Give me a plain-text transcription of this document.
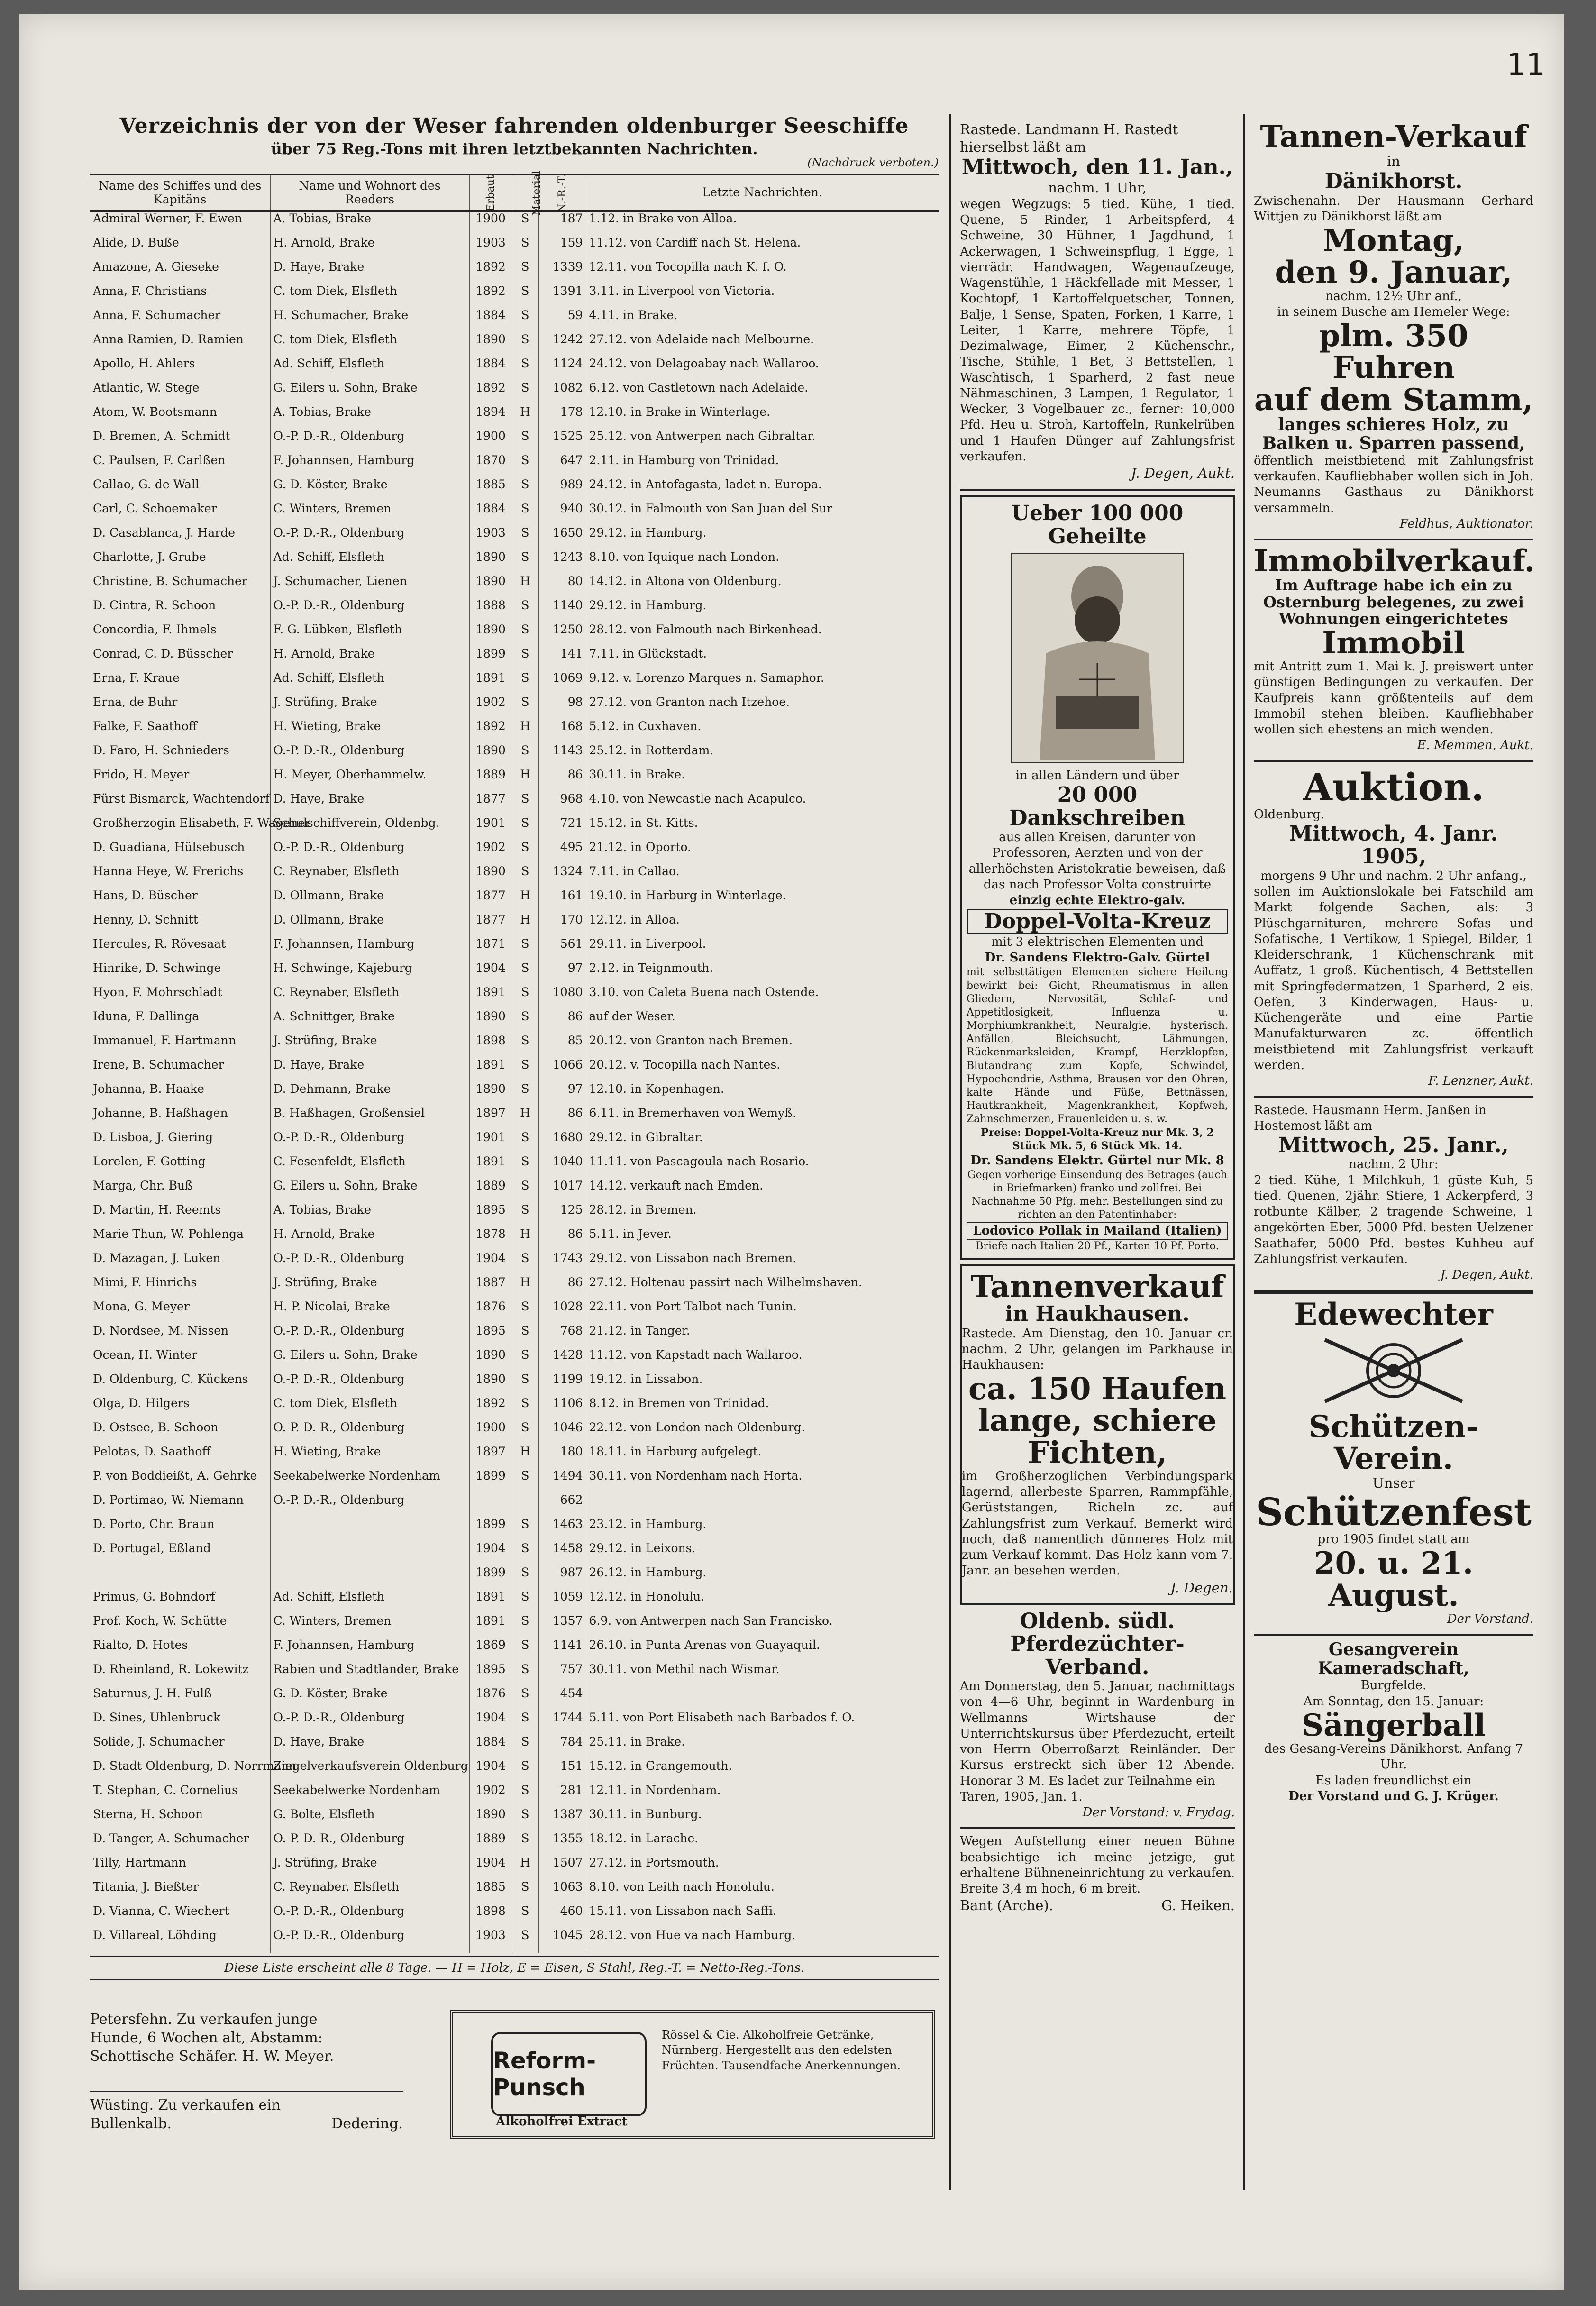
11
Verzeichnis der von der Weser fahrenden oldenburger Seeschiffe
über 75 Reg.-Tons mit ihren letztbekannten Nachrichten.
(Nachdruck verboten.)
Name des Schiffes und des Kapitäns	Name und Wohnort des Reeders	Erbaut	Material	N.-R.-T.	Letzte Nachrichten.
Admiral Werner, F. Ewen	A. Tobias, Brake	1900	S	187	1.12. in Brake von Alloa.
Alide, D. Buße	H. Arnold, Brake	1903	S	159	11.12. von Cardiff nach St. Helena.
Amazone, A. Gieseke	D. Haye, Brake	1892	S	1339	12.11. von Tocopilla nach K. f. O.
Anna, F. Christians	C. tom Diek, Elsfleth	1892	S	1391	3.11. in Liverpool von Victoria.
Anna, F. Schumacher	H. Schumacher, Brake	1884	S	59	4.11. in Brake.
Anna Ramien, D. Ramien	C. tom Diek, Elsfleth	1890	S	1242	27.12. von Adelaide nach Melbourne.
Apollo, H. Ahlers	Ad. Schiff, Elsfleth	1884	S	1124	24.12. von Delagoabay nach Wallaroo.
Atlantic, W. Stege	G. Eilers u. Sohn, Brake	1892	S	1082	6.12. von Castletown nach Adelaide.
Atom, W. Bootsmann	A. Tobias, Brake	1894	H	178	12.10. in Brake in Winterlage.
D. Bremen, A. Schmidt	O.-P. D.-R., Oldenburg	1900	S	1525	25.12. von Antwerpen nach Gibraltar.
C. Paulsen, F. Carlßen	F. Johannsen, Hamburg	1870	S	647	2.11. in Hamburg von Trinidad.
Callao, G. de Wall	G. D. Köster, Brake	1885	S	989	24.12. in Antofagasta, ladet n. Europa.
Carl, C. Schoemaker	C. Winters, Bremen	1884	S	940	30.12. in Falmouth von San Juan del Sur
D. Casablanca, J. Harde	O.-P. D.-R., Oldenburg	1903	S	1650	29.12. in Hamburg.
Charlotte, J. Grube	Ad. Schiff, Elsfleth	1890	S	1243	8.10. von Iquique nach London.
Christine, B. Schumacher	J. Schumacher, Lienen	1890	H	80	14.12. in Altona von Oldenburg.
D. Cintra, R. Schoon	O.-P. D.-R., Oldenburg	1888	S	1140	29.12. in Hamburg.
Concordia, F. Ihmels	F. G. Lübken, Elsfleth	1890	S	1250	28.12. von Falmouth nach Birkenhead.
Conrad, C. D. Büsscher	H. Arnold, Brake	1899	S	141	7.11. in Glückstadt.
Erna, F. Kraue	Ad. Schiff, Elsfleth	1891	S	1069	9.12. v. Lorenzo Marques n. Samaphor.
Erna, de Buhr	J. Strüfing, Brake	1902	S	98	27.12. von Granton nach Itzehoe.
Falke, F. Saathoff	H. Wieting, Brake	1892	H	168	5.12. in Cuxhaven.
D. Faro, H. Schnieders	O.-P. D.-R., Oldenburg	1890	S	1143	25.12. in Rotterdam.
Frido, H. Meyer	H. Meyer, Oberhammelw.	1889	H	86	30.11. in Brake.
Fürst Bismarck, Wachtendorf	D. Haye, Brake	1877	S	968	4.10. von Newcastle nach Acapulco.
Großherzogin Elisabeth, F. Wagener	Schulschiffverein, Oldenbg.	1901	S	721	15.12. in St. Kitts.
D. Guadiana, Hülsebusch	O.-P. D.-R., Oldenburg	1902	S	495	21.12. in Oporto.
Hanna Heye, W. Frerichs	C. Reynaber, Elsfleth	1890	S	1324	7.11. in Callao.
Hans, D. Büscher	D. Ollmann, Brake	1877	H	161	19.10. in Harburg in Winterlage.
Henny, D. Schnitt	D. Ollmann, Brake	1877	H	170	12.12. in Alloa.
Hercules, R. Rövesaat	F. Johannsen, Hamburg	1871	S	561	29.11. in Liverpool.
Hinrike, D. Schwinge	H. Schwinge, Kajeburg	1904	S	97	2.12. in Teignmouth.
Hyon, F. Mohrschladt	C. Reynaber, Elsfleth	1891	S	1080	3.10. von Caleta Buena nach Ostende.
Iduna, F. Dallinga	A. Schnittger, Brake	1890	S	86	auf der Weser.
Immanuel, F. Hartmann	J. Strüfing, Brake	1898	S	85	20.12. von Granton nach Bremen.
Irene, B. Schumacher	D. Haye, Brake	1891	S	1066	20.12. v. Tocopilla nach Nantes.
Johanna, B. Haake	D. Dehmann, Brake	1890	S	97	12.10. in Kopenhagen.
Johanne, B. Haßhagen	B. Haßhagen, Großensiel	1897	H	86	6.11. in Bremerhaven von Wemyß.
D. Lisboa, J. Giering	O.-P. D.-R., Oldenburg	1901	S	1680	29.12. in Gibraltar.
Lorelen, F. Gotting	C. Fesenfeldt, Elsfleth	1891	S	1040	11.11. von Pascagoula nach Rosario.
Marga, Chr. Buß	G. Eilers u. Sohn, Brake	1889	S	1017	14.12. verkauft nach Emden.
D. Martin, H. Reemts	A. Tobias, Brake	1895	S	125	28.12. in Bremen.
Marie Thun, W. Pohlenga	H. Arnold, Brake	1878	H	86	5.11. in Jever.
D. Mazagan, J. Luken	O.-P. D.-R., Oldenburg	1904	S	1743	29.12. von Lissabon nach Bremen.
Mimi, F. Hinrichs	J. Strüfing, Brake	1887	H	86	27.12. Holtenau passirt nach Wilhelmshaven.
Mona, G. Meyer	H. P. Nicolai, Brake	1876	S	1028	22.11. von Port Talbot nach Tunin.
D. Nordsee, M. Nissen	O.-P. D.-R., Oldenburg	1895	S	768	21.12. in Tanger.
Ocean, H. Winter	G. Eilers u. Sohn, Brake	1890	S	1428	11.12. von Kapstadt nach Wallaroo.
D. Oldenburg, C. Kückens	O.-P. D.-R., Oldenburg	1890	S	1199	19.12. in Lissabon.
Olga, D. Hilgers	C. tom Diek, Elsfleth	1892	S	1106	8.12. in Bremen von Trinidad.
D. Ostsee, B. Schoon	O.-P. D.-R., Oldenburg	1900	S	1046	22.12. von London nach Oldenburg.
Pelotas, D. Saathoff	H. Wieting, Brake	1897	H	180	18.11. in Harburg aufgelegt.
P. von Boddieißt, A. Gehrke	Seekabelwerke Nordenham	1899	S	1494	30.11. von Nordenham nach Horta.
D. Portimao, W. Niemann	O.-P. D.-R., Oldenburg			662	
D. Porto, Chr. Braun		1899	S	1463	23.12. in Hamburg.
D. Portugal, Eßland		1904	S	1458	29.12. in Leixons.
		1899	S	987	26.12. in Hamburg.
Primus, G. Bohndorf	Ad. Schiff, Elsfleth	1891	S	1059	12.12. in Honolulu.
Prof. Koch, W. Schütte	C. Winters, Bremen	1891	S	1357	6.9. von Antwerpen nach San Francisko.
Rialto, D. Hotes	F. Johannsen, Hamburg	1869	S	1141	26.10. in Punta Arenas von Guayaquil.
D. Rheinland, R. Lokewitz	Rabien und Stadtlander, Brake	1895	S	757	30.11. von Methil nach Wismar.
Saturnus, J. H. Fulß	G. D. Köster, Brake	1876	S	454	
D. Sines, Uhlenbruck	O.-P. D.-R., Oldenburg	1904	S	1744	5.11. von Port Elisabeth nach Barbados f. O.
Solide, J. Schumacher	D. Haye, Brake	1884	S	784	25.11. in Brake.
D. Stadt Oldenburg, D. Norrmann	Ziegelverkaufsverein Oldenburg	1904	S	151	15.12. in Grangemouth.
T. Stephan, C. Cornelius	Seekabelwerke Nordenham	1902	S	281	12.11. in Nordenham.
Sterna, H. Schoon	G. Bolte, Elsfleth	1890	S	1387	30.11. in Bunburg.
D. Tanger, A. Schumacher	O.-P. D.-R., Oldenburg	1889	S	1355	18.12. in Larache.
Tilly, Hartmann	J. Strüfing, Brake	1904	H	1507	27.12. in Portsmouth.
Titania, J. Bießter	C. Reynaber, Elsfleth	1885	S	1063	8.10. von Leith nach Honolulu.
D. Vianna, C. Wiechert	O.-P. D.-R., Oldenburg	1898	S	460	15.11. von Lissabon nach Saffi.
D. Villareal, Löhding	O.-P. D.-R., Oldenburg	1903	S	1045	28.12. von Hue va nach Hamburg.
Diese Liste erscheint alle 8 Tage. — H = Holz, E = Eisen, S Stahl, Reg.-T. = Netto-Reg.-Tons.
Petersfehn. Zu verkaufen junge
Hunde, 6 Wochen alt, Abstamm:
Schottische Schäfer. H. W. Meyer.
Wüsting. Zu verkaufen ein
Bullenkalb.	Dedering.
Reform-Punsch
Alkoholfrei Extract
Rössel & Cie. Alkoholfreie Getränke, Nürnberg. Hergestellt aus den edelsten Früchten. Tausendfache Anerkennungen.

Rastede. Landmann H. Rastedt hierselbst läßt am

Mittwoch, den 11. Jan.,

nachm. 1 Uhr,

wegen Wegzugs: 5 tied. Kühe, 1 tied. Quene, 5 Rinder, 1 Arbeitspferd, 4 Schweine, 30 Hühner, 1 Jagdhund, 1 Ackerwagen, 1 Schweinspflug, 1 Egge, 1 vierrädr. Handwagen, Wagenaufzeuge, Wagenstühle, 1 Häckfellade mit Messer, 1 Kochtopf, 1 Kartoffelquetscher, Tonnen, Balje, 1 Sense, Spaten, Forken, 1 Karre, 1 Leiter, 1 Karre, mehrere Töpfe, 1 Dezimalwage, Eimer, 2 Küchenschr., Tische, Stühle, 1 Bet, 3 Bettstellen, 1 Waschtisch, 1 Sparherd, 2 fast neue Nähmaschinen, 3 Lampen, 1 Regulator, 1 Wecker, 3 Vogelbauer zc., ferner: 10,000 Pfd. Heu u. Stroh, Kartoffeln, Runkelrüben und 1 Haufen Dünger auf Zahlungsfrist verkaufen.

J. Degen, Aukt.

Ueber 100 000 Geheilte

in allen Ländern und über

20 000 Dankschreiben

aus allen Kreisen, darunter von Professoren, Aerzten und von der allerhöchsten Aristokratie beweisen, daß das nach Professor Volta construirte

einzig echte Elektro-galv.

Doppel-Volta-Kreuz

mit 3 elektrischen Elementen und

Dr. Sandens Elektro-Galv. Gürtel

mit selbsttätigen Elementen sichere Heilung bewirkt bei: Gicht, Rheumatismus in allen Gliedern, Nervosität, Schlaf- und Appetitlosigkeit, Influenza u. Morphiumkrankheit, Neuralgie, hysterisch. Anfällen, Bleichsucht, Lähmungen, Rückenmarksleiden, Krampf, Herzklopfen, Blutandrang zum Kopfe, Schwindel, Hypochondrie, Asthma, Brausen vor den Ohren, kalte Hände und Füße, Bettnässen, Hautkrankheit, Magenkrankheit, Kopfweh, Zahnschmerzen, Frauenleiden u. s. w.

Preise: Doppel-Volta-Kreuz nur Mk. 3, 2 Stück Mk. 5, 6 Stück Mk. 14.

Dr. Sandens Elektr. Gürtel nur Mk. 8

Gegen vorherige Einsendung des Betrages (auch in Briefmarken) franko und zollfrei. Bei Nachnahme 50 Pfg. mehr. Bestellungen sind zu richten an den Patentinhaber:

Lodovico Pollak in Mailand (Italien)

Briefe nach Italien 20 Pf., Karten 10 Pf. Porto.

Tannenverkauf

in Haukhausen.

Rastede. Am Dienstag, den 10. Januar cr. nachm. 2 Uhr, gelangen im Parkhause in Haukhausen:

ca. 150 Haufen

lange, schiere

Fichten,

im Großherzoglichen Verbindungspark lagernd, allerbeste Sparren, Rammpfähle, Gerüststangen, Richeln zc. auf Zahlungsfrist zum Verkauf. Bemerkt wird noch, daß namentlich dünneres Holz mit zum Verkauf kommt. Das Holz kann vom 7. Janr. an besehen werden.

J. Degen.

Oldenb. südl. Pferdezüchter-Verband.

Am Donnerstag, den 5. Januar, nachmittags von 4—6 Uhr, beginnt in Wardenburg in Wellmanns Wirtshause der Unterrichtskursus über Pferdezucht, erteilt von Herrn Oberroßarzt Reinländer. Der Kursus erstreckt sich über 12 Abende. Honorar 3 M. Es ladet zur Teilnahme ein

Taren, 1905, Jan. 1.

Der Vorstand: v. Frydag.

Wegen Aufstellung einer neuen Bühne beabsichtige ich meine jetzige, gut erhaltene Bühneneinrichtung zu verkaufen. Breite 3,4 m hoch, 6 m breit.

Bant (Arche).	G. Heiken.

Tannen-Verkauf

in

Dänikhorst.

Zwischenahn. Der Hausmann Gerhard Wittjen zu Dänikhorst läßt am

Montag,

den 9. Januar,

nachm. 12½ Uhr anf.,

in seinem Busche am Hemeler Wege:

plm. 350 Fuhren

auf dem Stamm,

langes schieres Holz, zu Balken u. Sparren passend,

öffentlich meistbietend mit Zahlungsfrist verkaufen. Kaufliebhaber wollen sich in Joh. Neumanns Gasthaus zu Dänikhorst versammeln.

Feldhus, Auktionator.

Immobilverkauf.

Im Auftrage habe ich ein zu Osternburg belegenes, zu zwei Wohnungen eingerichtetes

Immobil

mit Antritt zum 1. Mai k. J. preiswert unter günstigen Bedingungen zu verkaufen. Der Kaufpreis kann größtenteils auf dem Immobil stehen bleiben. Kaufliebhaber wollen sich ehestens an mich wenden.

E. Memmen, Aukt.

Auktion.

Oldenburg.

Mittwoch, 4. Janr. 1905,

morgens 9 Uhr und nachm. 2 Uhr anfang.,

sollen im Auktionslokale bei Fatschild am Markt folgende Sachen, als: 3 Plüschgarnituren, mehrere Sofas und Sofatische, 1 Vertikow, 1 Spiegel, Bilder, 1 Kleiderschrank, 1 Küchenschrank mit Auffatz, 1 groß. Küchentisch, 4 Bettstellen mit Springfedermatzen, 1 Sparherd, 2 eis. Oefen, 3 Kinderwagen, Haus- u. Küchengeräte und eine Partie Manufakturwaren zc. öffentlich meistbietend mit Zahlungsfrist verkauft werden.

F. Lenzner, Aukt.

Rastede. Hausmann Herm. Janßen in Hostemost läßt am

Mittwoch, 25. Janr.,

nachm. 2 Uhr:

2 tied. Kühe, 1 Milchkuh, 1 güste Kuh, 5 tied. Quenen, 2jähr. Stiere, 1 Ackerpferd, 3 rotbunte Kälber, 2 tragende Schweine, 1 angekörten Eber, 5000 Pfd. besten Uelzener Saathafer, 5000 Pfd. bestes Kuhheu auf Zahlungsfrist verkaufen.

J. Degen, Aukt.

Edewechter

Schützen-Verein.

Unser

Schützenfest

pro 1905 findet statt am

20. u. 21. August.

Der Vorstand.

Gesangverein Kameradschaft,

Burgfelde.

Am Sonntag, den 15. Januar:

Sängerball

des Gesang-Vereins Dänikhorst. Anfang 7 Uhr.

Es laden freundlichst ein

Der Vorstand und G. J. Krüger.
